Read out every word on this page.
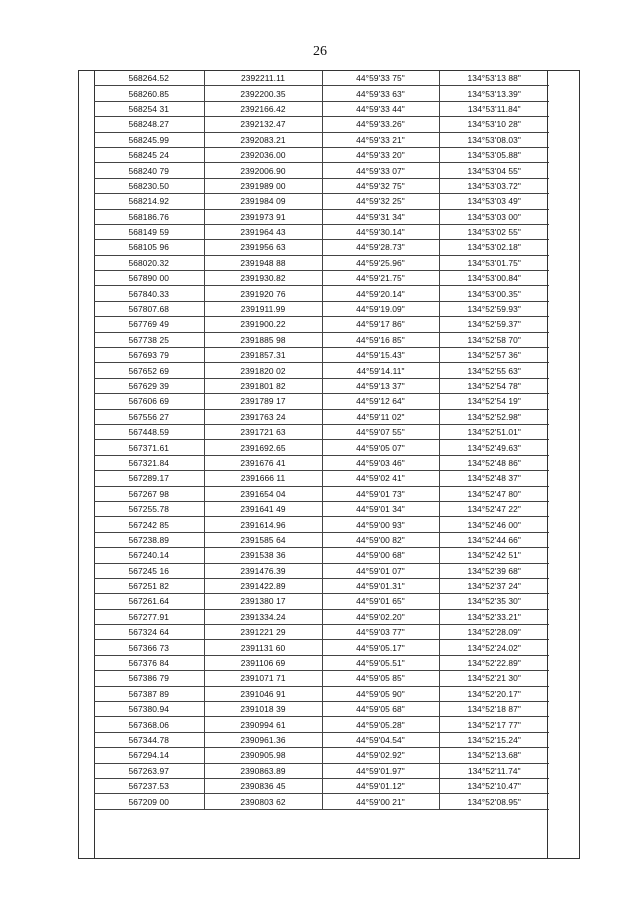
26
568264.52	2392211.11	44°59'33 75"	134°53'13 88"
568260.85	2392200.35	44°59'33 63"	134°53'13.39"
568254 31	2392166.42	44°59'33 44"	134°53'11.84"
568248.27	2392132.47	44°59'33.26"	134°53'10 28"
568245.99	2392083.21	44°59'33 21"	134°53'08.03"
568245 24	2392036.00	44°59'33 20"	134°53'05.88"
568240 79	2392006.90	44°59'33 07"	134°53'04 55"
568230.50	2391989 00	44°59'32 75"	134°53'03.72"
568214.92	2391984 09	44°59'32 25"	134°53'03 49"
568186.76	2391973 91	44°59'31 34"	134°53'03 00"
568149 59	2391964 43	44°59'30.14"	134°53'02 55"
568105 96	2391956 63	44°59'28.73"	134°53'02.18"
568020.32	2391948 88	44°59'25.96"	134°53'01.75"
567890 00	2391930.82	44°59'21.75"	134°53'00.84"
567840.33	2391920 76	44°59'20.14"	134°53'00.35"
567807.68	2391911.99	44°59'19.09"	134°52'59.93"
567769 49	2391900.22	44°59'17 86"	134°52'59.37"
567738 25	2391885 98	44°59'16 85"	134°52'58 70"
567693 79	2391857.31	44°59'15.43"	134°52'57 36"
567652 69	2391820 02	44°59'14.11"	134°52'55 63"
567629 39	2391801 82	44°59'13 37"	134°52'54 78"
567606 69	2391789 17	44°59'12 64"	134°52'54 19"
567556 27	2391763 24	44°59'11 02"	134°52'52.98"
567448.59	2391721 63	44°59'07 55"	134°52'51.01"
567371.61	2391692.65	44°59'05 07"	134°52'49.63"
567321.84	2391676 41	44°59'03 46"	134°52'48 86"
567289.17	2391666 11	44°59'02 41"	134°52'48 37"
567267 98	2391654 04	44°59'01 73"	134°52'47 80"
567255.78	2391641 49	44°59'01 34"	134°52'47 22"
567242 85	2391614.96	44°59'00 93"	134°52'46 00"
567238.89	2391585 64	44°59'00 82"	134°52'44 66"
567240.14	2391538 36	44°59'00 68"	134°52'42 51"
567245 16	2391476.39	44°59'01 07"	134°52'39 68"
567251 82	2391422.89	44°59'01.31"	134°52'37 24"
567261.64	2391380 17	44°59'01 65"	134°52'35 30"
567277.91	2391334.24	44°59'02.20"	134°52'33.21"
567324 64	2391221 29	44°59'03 77"	134°52'28.09"
567366 73	2391131 60	44°59'05.17"	134°52'24.02"
567376 84	2391106 69	44°59'05.51"	134°52'22.89"
567386 79	2391071 71	44°59'05 85"	134°52'21 30"
567387 89	2391046 91	44°59'05 90"	134°52'20.17"
567380.94	2391018 39	44°59'05 68"	134°52'18 87"
567368.06	2390994 61	44°59'05.28"	134°52'17 77"
567344.78	2390961.36	44°59'04.54"	134°52'15.24"
567294.14	2390905.98	44°59'02.92"	134°52'13.68"
567263.97	2390863.89	44°59'01.97"	134°52'11.74"
567237.53	2390836 45	44°59'01.12"	134°52'10.47"
567209 00	2390803 62	44°59'00 21"	134°52'08.95"
